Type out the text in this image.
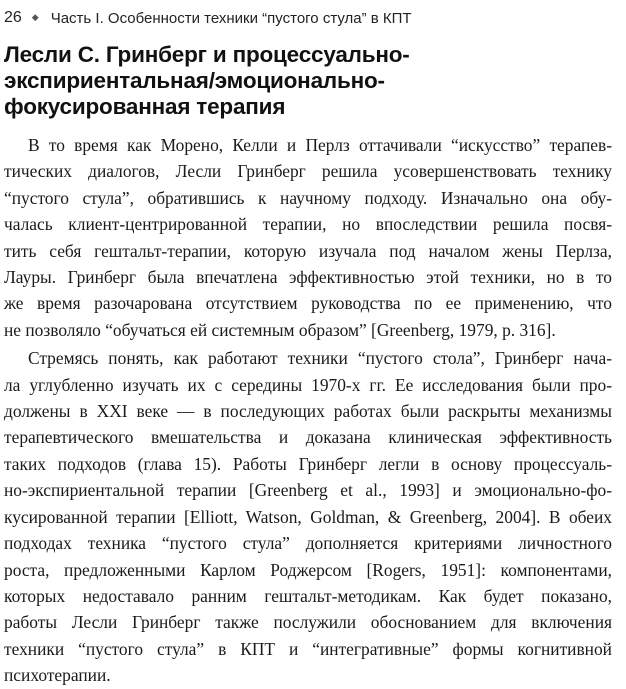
26 ◆ Часть I. Особенности техники “пустого стула” в КПТ
Лесли С. Гринберг и процессуально-
экспириентальная/эмоционально-
фокусированная терапия

В то время как Морено, Келли и Перлз оттачивали “искусство” терапев-
тических диалогов, Лесли Гринберг решила усовершенствовать технику
“пустого стула”, обратившись к научному подходу. Изначально она обу-
чалась клиент-центрированной терапии, но впоследствии решила посвя-
тить себя гештальт-терапии, которую изучала под началом жены Перлза,
Лауры. Гринберг была впечатлена эффективностью этой техники, но в то
же время разочарована отсутствием руководства по ее применению, что
не позволяло “обучаться ей системным образом” [Greenberg, 1979, p. 316].

Стремясь понять, как работают техники “пустого стола”, Гринберг нача-
ла углубленно изучать их с середины 1970-х гг. Ее исследования были про-
должены в XXI веке — в последующих работах были раскрыты механизмы
терапевтического вмешательства и доказана клиническая эффективность
таких подходов (глава 15). Работы Гринберг легли в основу процессуаль-
но-экспириентальной терапии [Greenberg et al., 1993] и эмоционально-фо-
кусированной терапии [Elliott, Watson, Goldman, & Greenberg, 2004]. В обеих
подходах техника “пустого стула” дополняется критериями личностного
роста, предложенными Карлом Роджерсом [Rogers, 1951]: компонентами,
которых недоставало ранним гештальт-методикам. Как будет показано,
работы Лесли Гринберг также послужили обоснованием для включения
техники “пустого стула” в КПТ и “интегративные” формы когнитивной
психотерапии.
